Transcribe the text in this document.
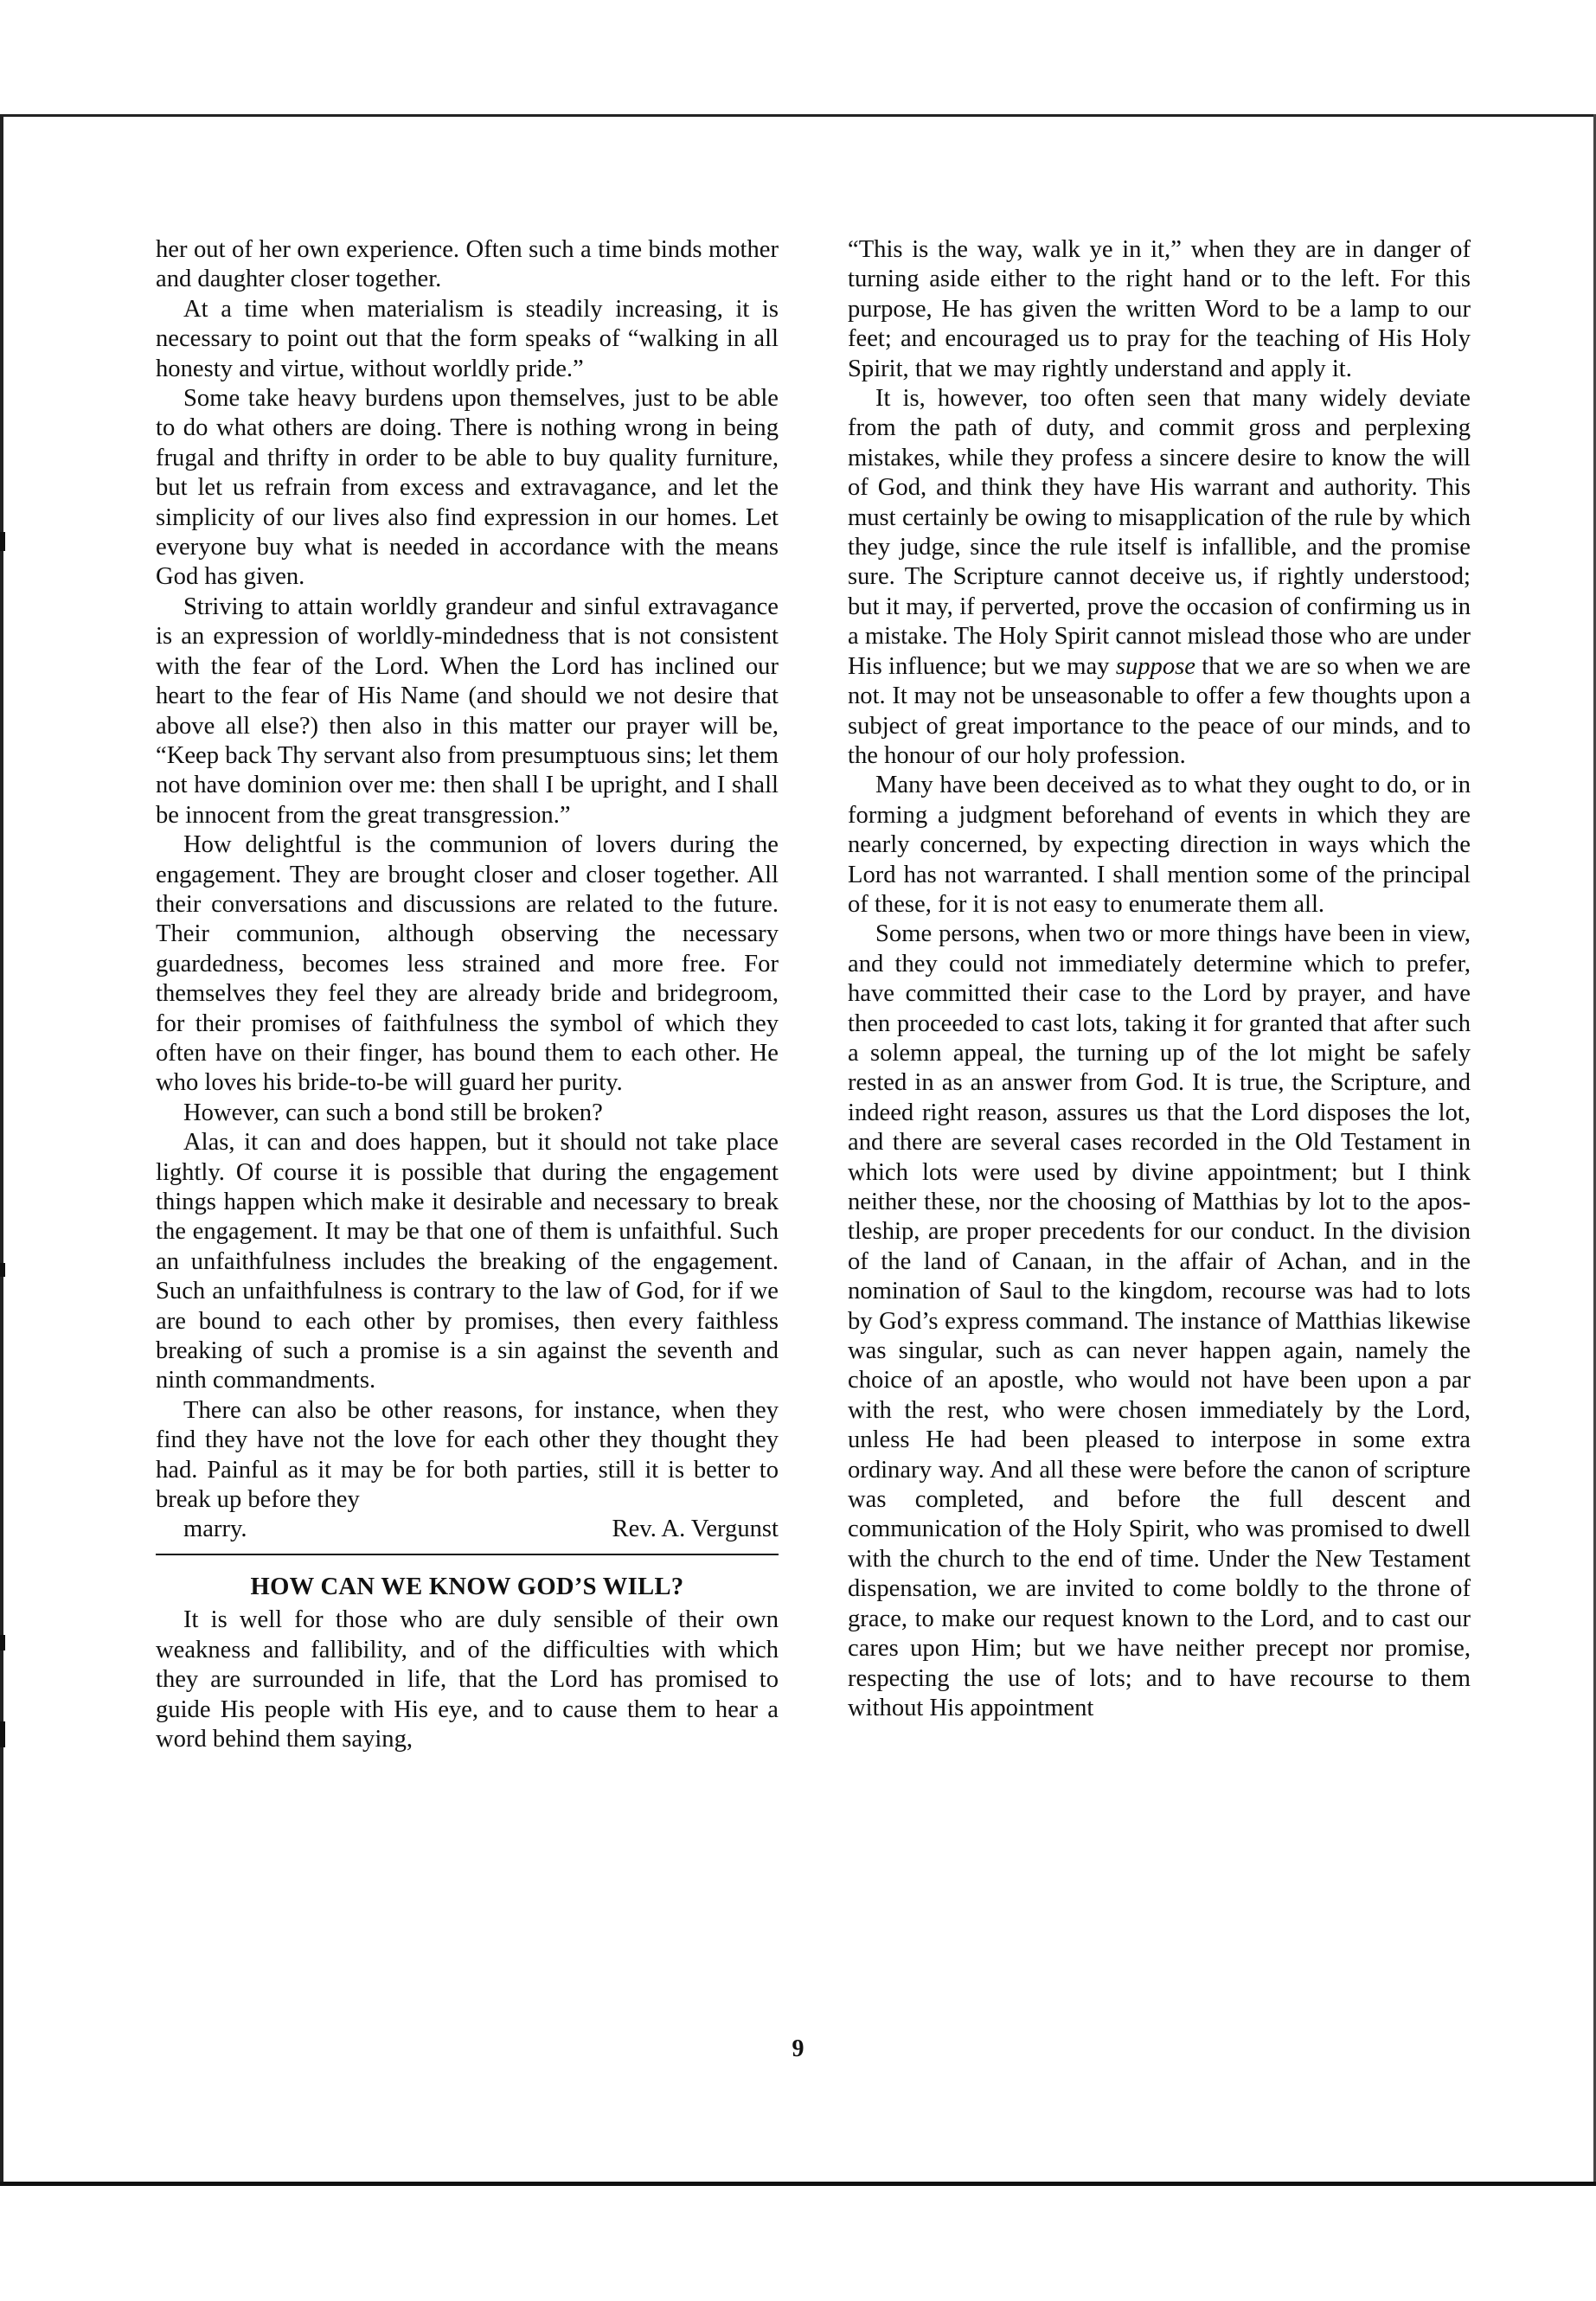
her out of her own experience. Often such a time binds mother and daughter closer together.

At a time when materialism is steadily increasing, it is necessary to point out that the form speaks of “walking in all honesty and virtue, without worldly pride.”

Some take heavy burdens upon themselves, just to be able to do what others are doing. There is nothing wrong in being frugal and thrifty in order to be able to buy quality furniture, but let us refrain from excess and extravagance, and let the simplicity of our lives also find expression in our homes. Let everyone buy what is needed in accordance with the means God has given.

Striving to attain worldly grandeur and sinful extravagance is an expression of worldly-mindedness that is not consistent with the fear of the Lord. When the Lord has inclined our heart to the fear of His Name (and should we not desire that above all else?) then also in this matter our prayer will be, “Keep back Thy servant also from presumptuous sins; let them not have dominion over me: then shall I be upright, and I shall be innocent from the great transgression.”

How delightful is the communion of lovers during the engagement. They are brought closer and closer together. All their conversations and discussions are related to the future. Their communion, although observing the necessary guardedness, becomes less strained and more free. For themselves they feel they are already bride and bridegroom, for their promises of faithfulness the symbol of which they often have on their finger, has bound them to each other. He who loves his bride-to-be will guard her purity.

However, can such a bond still be broken?

Alas, it can and does happen, but it should not take place lightly. Of course it is possible that during the engagement things happen which make it desirable and necessary to break the engagement. It may be that one of them is unfaithful. Such an unfaithfulness includes the breaking of the engagement. Such an unfaithfulness is contrary to the law of God, for if we are bound to each other by promises, then every faithless breaking of such a promise is a sin against the seventh and ninth commandments.

There can also be other reasons, for instance, when they find they have not the love for each other they thought they had. Painful as it may be for both parties, still it is better to break up before they

marry.	Rev. A. Vergunst

HOW CAN WE KNOW GOD’S WILL?

It is well for those who are duly sensible of their own weakness and fallibility, and of the difficulties with which they are surrounded in life, that the Lord has promised to guide His people with His eye, and to cause them to hear a word behind them saying,

“This is the way, walk ye in it,” when they are in danger of turning aside either to the right hand or to the left. For this purpose, He has given the written Word to be a lamp to our feet; and encouraged us to pray for the teaching of His Holy Spirit, that we may rightly understand and apply it.

It is, however, too often seen that many widely deviate from the path of duty, and commit gross and perplexing mistakes, while they profess a sincere desire to know the will of God, and think they have His warrant and authority. This must certainly be owing to misapplication of the rule by which they judge, since the rule itself is infallible, and the promise sure. The Scripture cannot deceive us, if rightly understood; but it may, if perverted, prove the occasion of confirming us in a mistake. The Holy Spirit cannot mislead those who are under His influence; but we may suppose that we are so when we are not. It may not be unseasonable to offer a few thoughts upon a subject of great importance to the peace of our minds, and to the honour of our holy profession.

Many have been deceived as to what they ought to do, or in forming a judgment beforehand of events in which they are nearly concerned, by expecting direction in ways which the Lord has not warranted. I shall mention some of the principal of these, for it is not easy to enumerate them all.

Some persons, when two or more things have been in view, and they could not immediately determine which to prefer, have committed their case to the Lord by prayer, and have then proceeded to cast lots, taking it for granted that after such a solemn appeal, the turning up of the lot might be safely rested in as an answer from God. It is true, the Scripture, and indeed right reason, assures us that the Lord disposes the lot, and there are several cases recorded in the Old Testament in which lots were used by divine appointment; but I think neither these, nor the choosing of Matthias by lot to the apostleship, are proper precedents for our conduct. In the division of the land of Canaan, in the affair of Achan, and in the nomination of Saul to the kingdom, recourse was had to lots by God’s express command. The instance of Matthias likewise was singular, such as can never happen again, namely the choice of an apostle, who would not have been upon a par with the rest, who were chosen immediately by the Lord, unless He had been pleased to interpose in some extra ordinary way. And all these were before the canon of scripture was completed, and before the full descent and communication of the Holy Spirit, who was promised to dwell with the church to the end of time. Under the New Testament dispensation, we are invited to come boldly to the throne of grace, to make our request known to the Lord, and to cast our cares upon Him; but we have neither precept nor promise, respecting the use of lots; and to have recourse to them without His appointment

9
